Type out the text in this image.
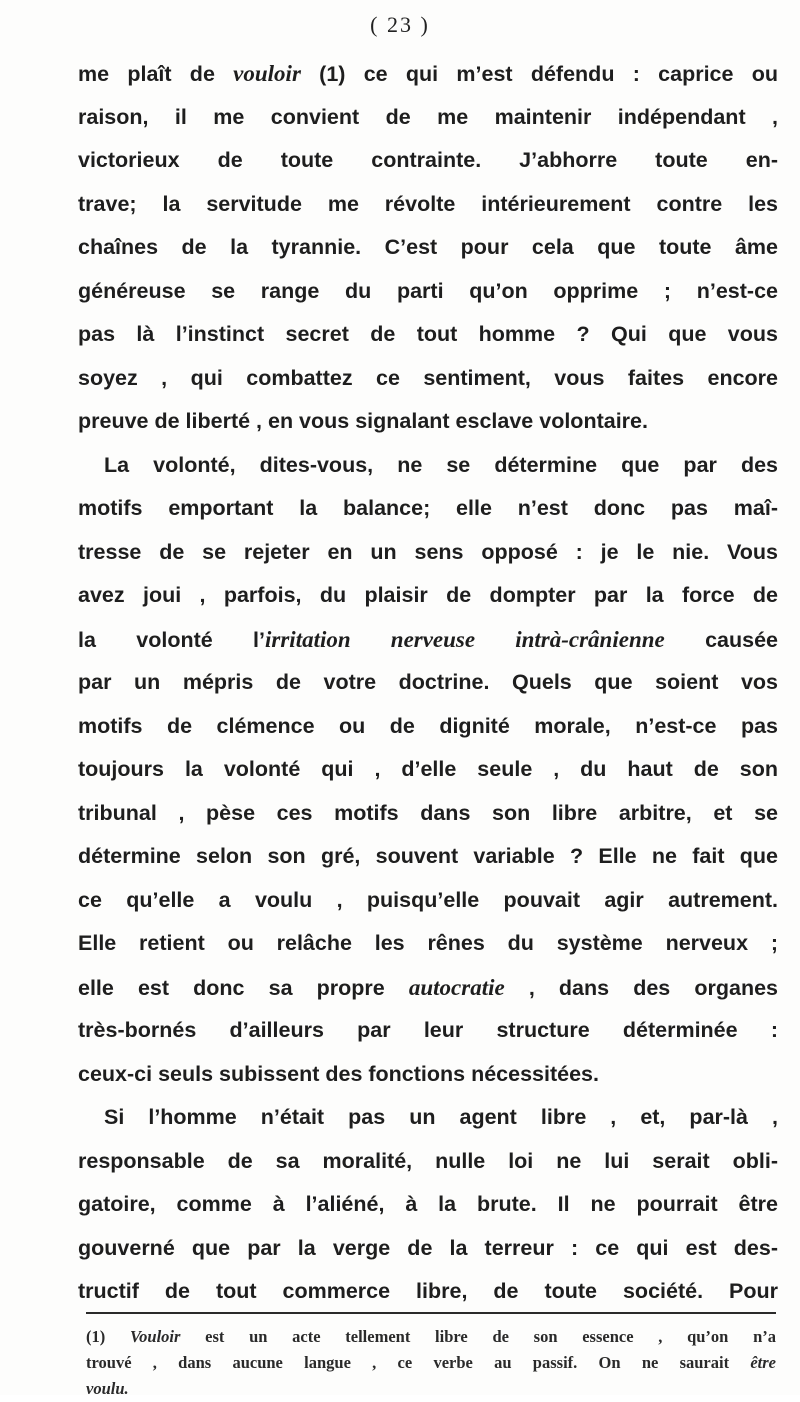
( 23 )
me plaît de vouloir (1) ce qui m’est défendu : caprice ou
raison, il me convient de me maintenir indépendant ,
victorieux de toute contrainte. J’abhorre toute en-
trave; la servitude me révolte intérieurement contre les
chaînes de la tyrannie. C’est pour cela que toute âme
généreuse se range du parti qu’on opprime ; n’est-ce
pas là l’instinct secret de tout homme ? Qui que vous
soyez , qui combattez ce sentiment, vous faites encore
preuve de liberté , en vous signalant esclave volontaire.
La volonté, dites-vous, ne se détermine que par des
motifs emportant la balance; elle n’est donc pas maî-
tresse de se rejeter en un sens opposé : je le nie. Vous
avez joui , parfois, du plaisir de dompter par la force de
la volonté l’irritation nerveuse intrà-crânienne causée
par un mépris de votre doctrine. Quels que soient vos
motifs de clémence ou de dignité morale, n’est-ce pas
toujours la volonté qui , d’elle seule , du haut de son
tribunal , pèse ces motifs dans son libre arbitre, et se
détermine selon son gré, souvent variable ? Elle ne fait que
ce qu’elle a voulu , puisqu’elle pouvait agir autrement.
Elle retient ou relâche les rênes du système nerveux ;
elle est donc sa propre autocratie , dans des organes
très-bornés d’ailleurs par leur structure déterminée :
ceux-ci seuls subissent des fonctions nécessitées.
Si l’homme n’était pas un agent libre , et, par-là ,
responsable de sa moralité, nulle loi ne lui serait obli-
gatoire, comme à l’aliéné, à la brute. Il ne pourrait être
gouverné que par la verge de la terreur : ce qui est des-
tructif de tout commerce libre, de toute société. Pour
(1) Vouloir est un acte tellement libre de son essence , qu’on n’a
trouvé , dans aucune langue , ce verbe au passif. On ne saurait être
voulu.
